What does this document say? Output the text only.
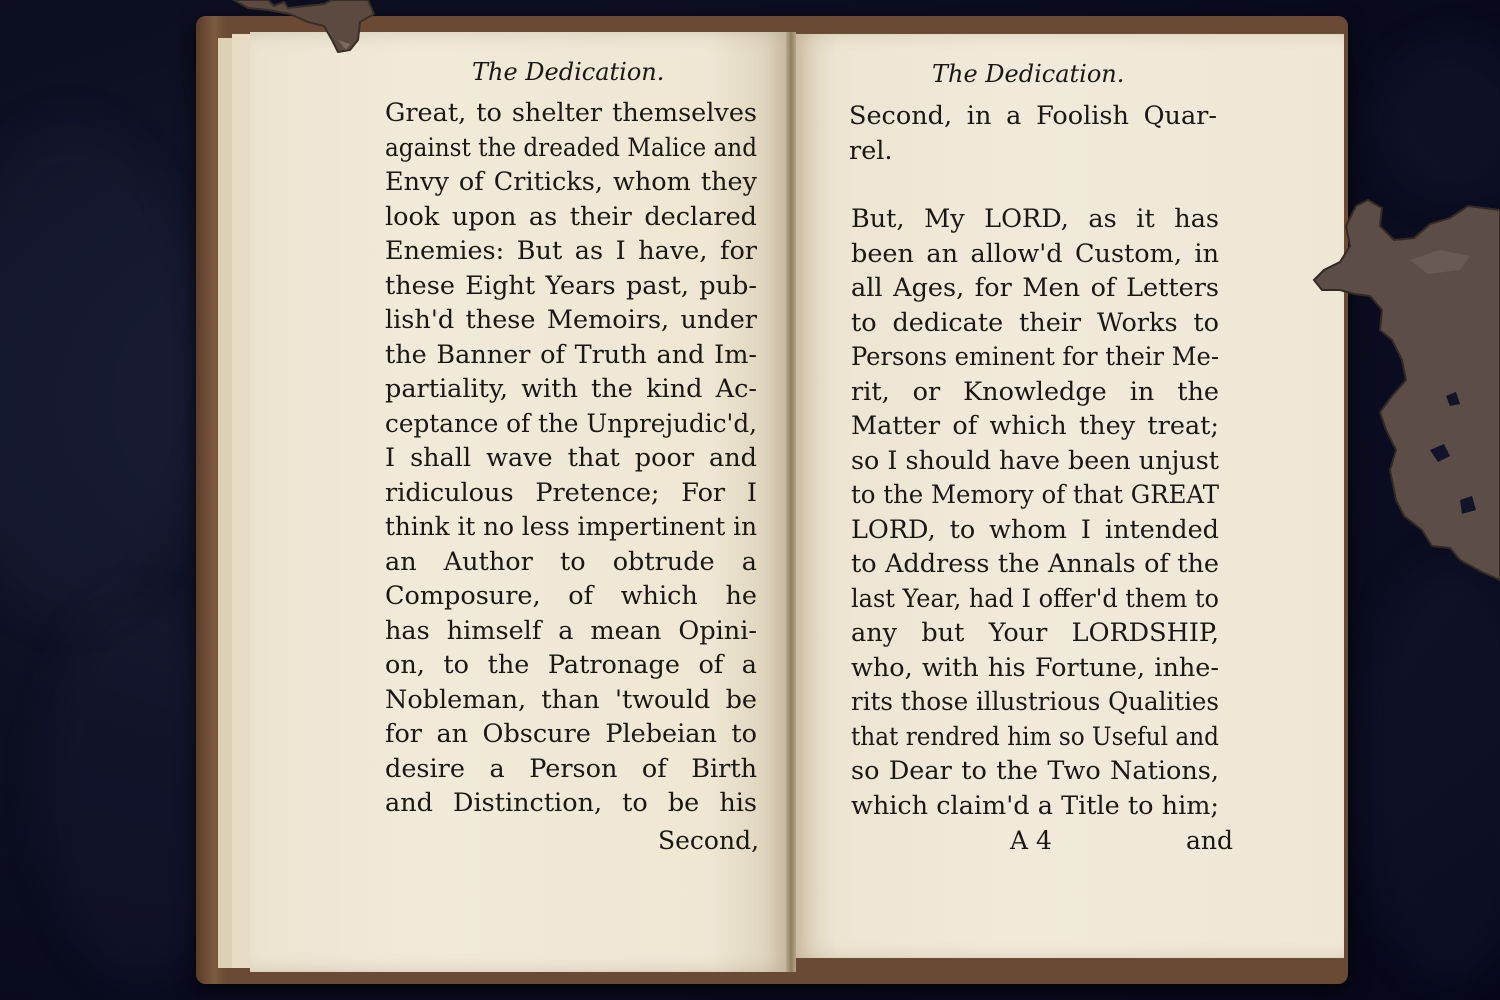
The Dedication.
Great, to shelter themselves
against the dreaded Malice and
Envy of Criticks, whom they
look upon as their declared
Enemies: But as I have, for
these Eight Years past, pub-
lish'd these Memoirs, under
the Banner of Truth and Im-
partiality, with the kind Ac-
ceptance of the Unprejudic'd,
I shall wave that poor and
ridiculous Pretence; For I
think it no less impertinent in
an Author to obtrude a
Composure, of which he
has himself a mean Opini-
on, to the Patronage of a
Nobleman, than 'twould be
for an Obscure Plebeian to
desire a Person of Birth
and Distinction, to be his
Second,
The Dedication.
Second, in a Foolish Quar-
rel.
But, My LORD, as it has
been an allow'd Custom, in
all Ages, for Men of Letters
to dedicate their Works to
Persons eminent for their Me-
rit, or Knowledge in the
Matter of which they treat;
so I should have been unjust
to the Memory of that GREAT
LORD, to whom I intended
to Address the Annals of the
last Year, had I offer'd them to
any but Your LORDSHIP,
who, with his Fortune, inhe-
rits those illustrious Qualities
that rendred him so Useful and
so Dear to the Two Nations,
which claim'd a Title to him;
A 4	and
